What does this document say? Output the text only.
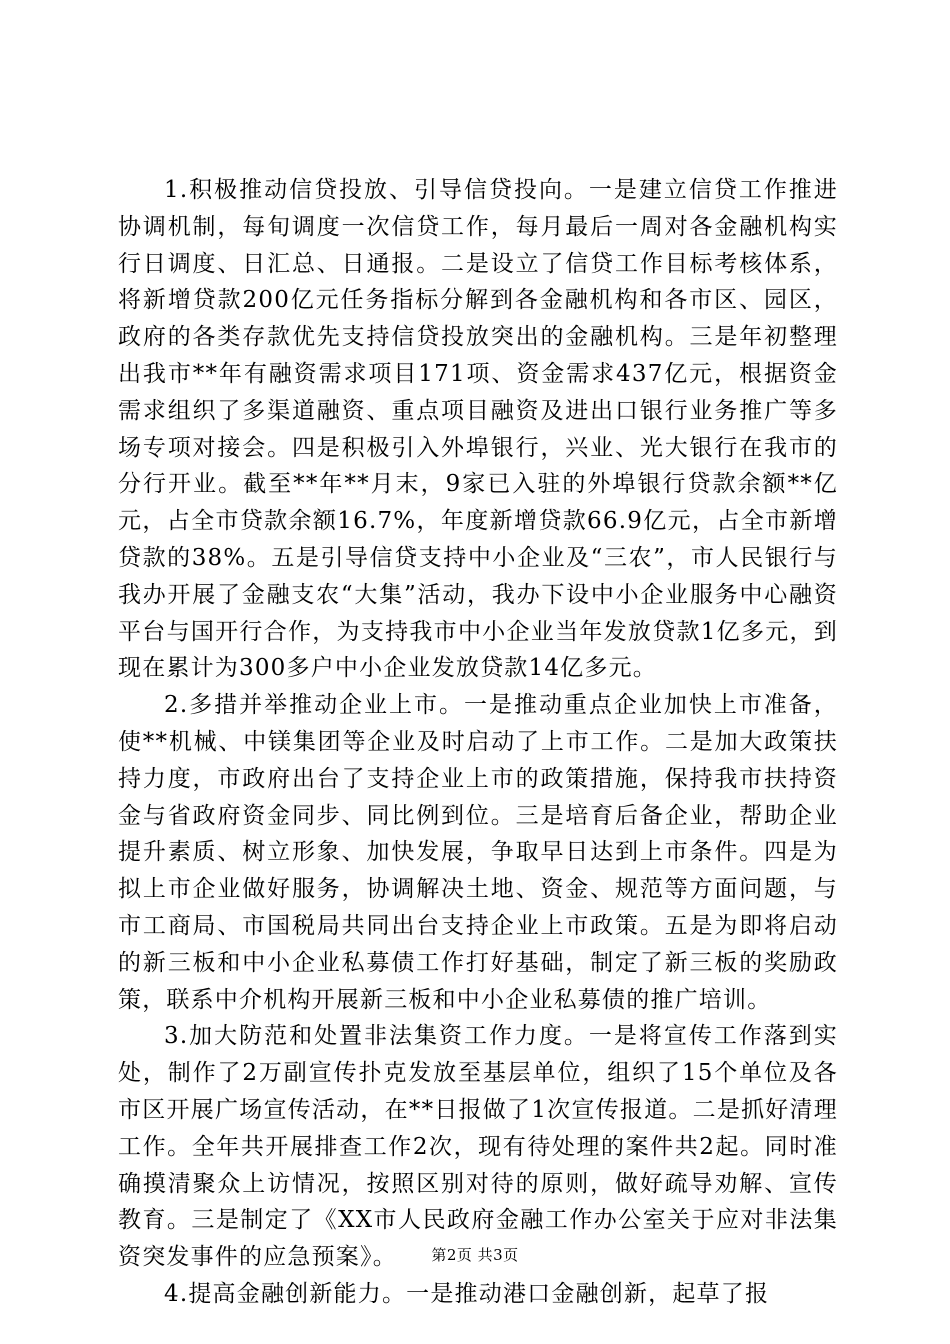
1.积极推动信贷投放、引导信贷投向。一是建立信贷工作推进协调机制，每旬调度一次信贷工作，每月最后一周对各金融机构实行日调度、日汇总、日通报。二是设立了信贷工作目标考核体系，将新增贷款200亿元任务指标分解到各金融机构和各市区、园区，政府的各类存款优先支持信贷投放突出的金融机构。三是年初整理出我市**年有融资需求项目171项、资金需求437亿元，根据资金需求组织了多渠道融资、重点项目融资及进出口银行业务推广等多场专项对接会。四是积极引入外埠银行，兴业、光大银行在我市的分行开业。截至**年**月末，9家已入驻的外埠银行贷款余额**亿元，占全市贷款余额16.7%，年度新增贷款66.9亿元，占全市新增贷款的38%。五是引导信贷支持中小企业及“三农”，市人民银行与我办开展了金融支农“大集”活动，我办下设中小企业服务中心融资平台与国开行合作，为支持我市中小企业当年发放贷款1亿多元，到现在累计为300多户中小企业发放贷款14亿多元。

2.多措并举推动企业上市。一是推动重点企业加快上市准备，使**机械、中镁集团等企业及时启动了上市工作。二是加大政策扶持力度，市政府出台了支持企业上市的政策措施，保持我市扶持资金与省政府资金同步、同比例到位。三是培育后备企业，帮助企业提升素质、树立形象、加快发展，争取早日达到上市条件。四是为拟上市企业做好服务，协调解决土地、资金、规范等方面问题，与市工商局、市国税局共同出台支持企业上市政策。五是为即将启动的新三板和中小企业私募债工作打好基础，制定了新三板的奖励政策，联系中介机构开展新三板和中小企业私募债的推广培训。

3.加大防范和处置非法集资工作力度。一是将宣传工作落到实处，制作了2万副宣传扑克发放至基层单位，组织了15个单位及各市区开展广场宣传活动，在**日报做了1次宣传报道。二是抓好清理工作。全年共开展排查工作2次，现有待处理的案件共2起。同时准确摸清聚众上访情况，按照区别对待的原则，做好疏导劝解、宣传教育。三是制定了《XX市人民政府金融工作办公室关于应对非法集资突发事件的应急预案》。

4.提高金融创新能力。一是推动港口金融创新，起草了报

第2页 共3页
